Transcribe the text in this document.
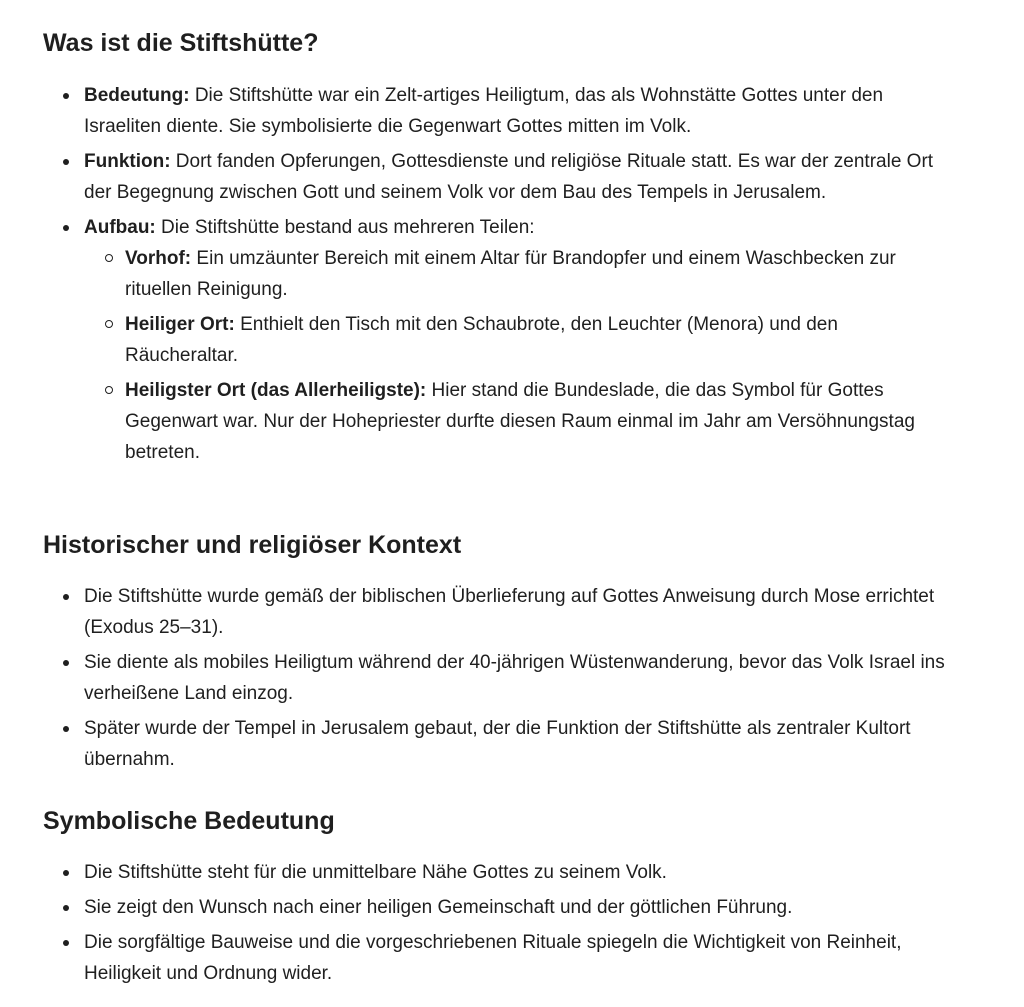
Was ist die Stiftshütte?
Bedeutung: Die Stiftshütte war ein Zelt-artiges Heiligtum, das als Wohnstätte Gottes unter den Israeliten diente. Sie symbolisierte die Gegenwart Gottes mitten im Volk.
Funktion: Dort fanden Opferungen, Gottesdienste und religiöse Rituale statt. Es war der zentrale Ort der Begegnung zwischen Gott und seinem Volk vor dem Bau des Tempels in Jerusalem.
Aufbau: Die Stiftshütte bestand aus mehreren Teilen:
Vorhof: Ein umzäunter Bereich mit einem Altar für Brandopfer und einem Waschbecken zur rituellen Reinigung.
Heiliger Ort: Enthielt den Tisch mit den Schaubrote, den Leuchter (Menora) und den Räucheraltar.
Heiligster Ort (das Allerheiligste): Hier stand die Bundeslade, die das Symbol für Gottes Gegenwart war. Nur der Hohepriester durfte diesen Raum einmal im Jahr am Versöhnungstag betreten.
Historischer und religiöser Kontext
Die Stiftshütte wurde gemäß der biblischen Überlieferung auf Gottes Anweisung durch Mose errichtet (Exodus 25–31).
Sie diente als mobiles Heiligtum während der 40-jährigen Wüstenwanderung, bevor das Volk Israel ins verheißene Land einzog.
Später wurde der Tempel in Jerusalem gebaut, der die Funktion der Stiftshütte als zentraler Kultort übernahm.
Symbolische Bedeutung
Die Stiftshütte steht für die unmittelbare Nähe Gottes zu seinem Volk.
Sie zeigt den Wunsch nach einer heiligen Gemeinschaft und der göttlichen Führung.
Die sorgfältige Bauweise und die vorgeschriebenen Rituale spiegeln die Wichtigkeit von Reinheit, Heiligkeit und Ordnung wider.
